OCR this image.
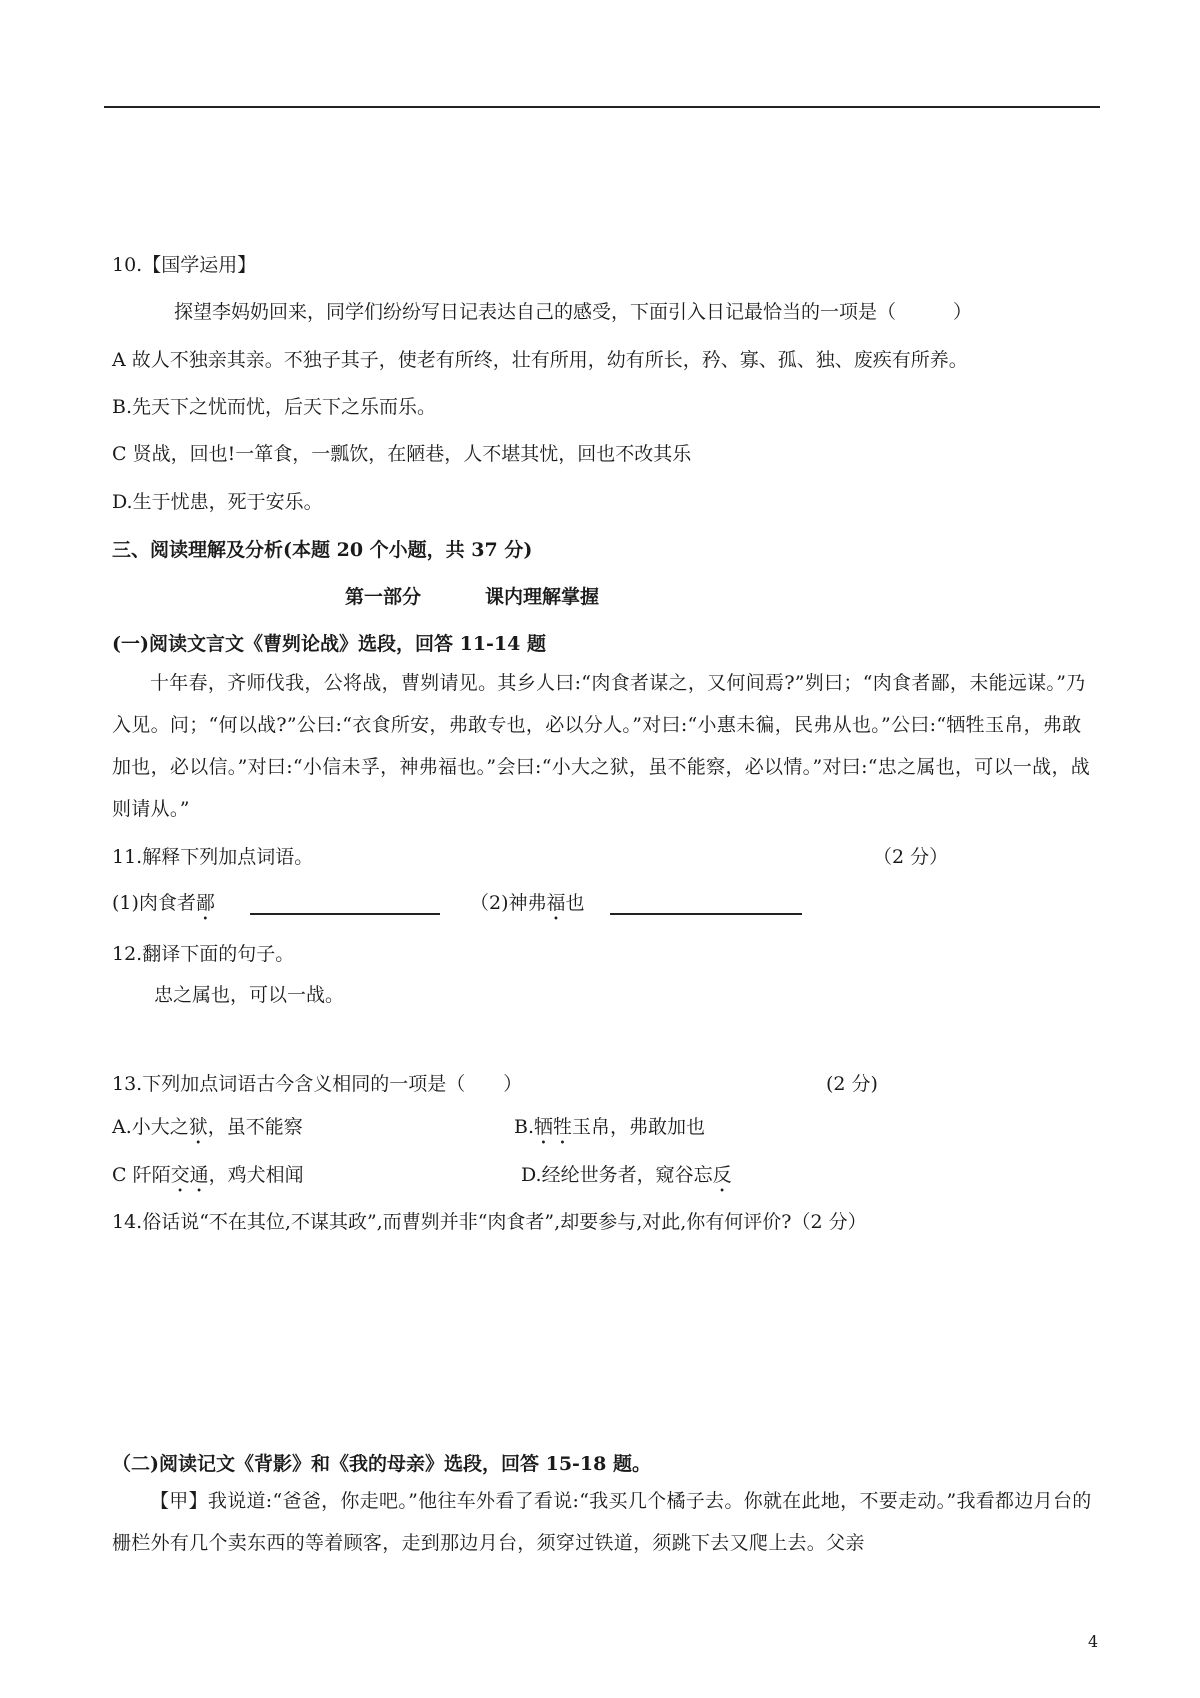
10.【国学运用】
探望李妈奶回来，同学们纷纷写日记表达自己的感受，下面引入日记最恰当的一项是（　　　）
A 故人不独亲其亲。不独子其子，使老有所终，壮有所用，幼有所长，矜、寡、孤、独、废疾有所养。
B.先天下之忧而忧，后天下之乐而乐。
C 贤战，回也!一箪食，一瓢饮，在陋巷，人不堪其忧，回也不改其乐
D.生于忧患，死于安乐。
三、阅读理解及分析(本题 20 个小题，共 37 分)
第一部分	课内理解掌握
(一)阅读文言文《曹刿论战》选段，回答 11-14 题
十年春，齐师伐我，公将战，曹刿请见。其乡人曰:“肉食者谋之，又何间焉?”刿曰；“肉食者鄙，未能远谋。”乃入见。问；“何以战?”公曰:“衣食所安，弗敢专也，必以分人。”对曰:“小惠未徧，民弗从也。”公曰:“牺牲玉帛，弗敢加也，必以信。”对曰:“小信未孚，神弗福也。”会曰:“小大之狱，虽不能察，必以情。”对曰:“忠之属也，可以一战，战则请从。”
11.解释下列加点词语。	（2 分）
(1)肉食者鄙	（2)神弗福也
12.翻译下面的句子。
忠之属也，可以一战。
13.下列加点词语古今含义相同的一项是（　　）	(2 分)
A.小大之狱，虽不能察	B.牺牲玉帛，弗敢加也
C 阡陌交通，鸡犬相闻	D.经纶世务者，窥谷忘反
14.俗话说“不在其位,不谋其政”,而曹刿并非“肉食者”,却要参与,对此,你有何评价?（2 分）
（二)阅读记文《背影》和《我的母亲》选段，回答 15-18 题。
【甲】我说道:“爸爸，你走吧。”他往车外看了看说:“我买几个橘子去。你就在此地，不要走动。”我看都边月台的栅栏外有几个卖东西的等着顾客，走到那边月台，须穿过铁道，须跳下去又爬上去。父亲
4
